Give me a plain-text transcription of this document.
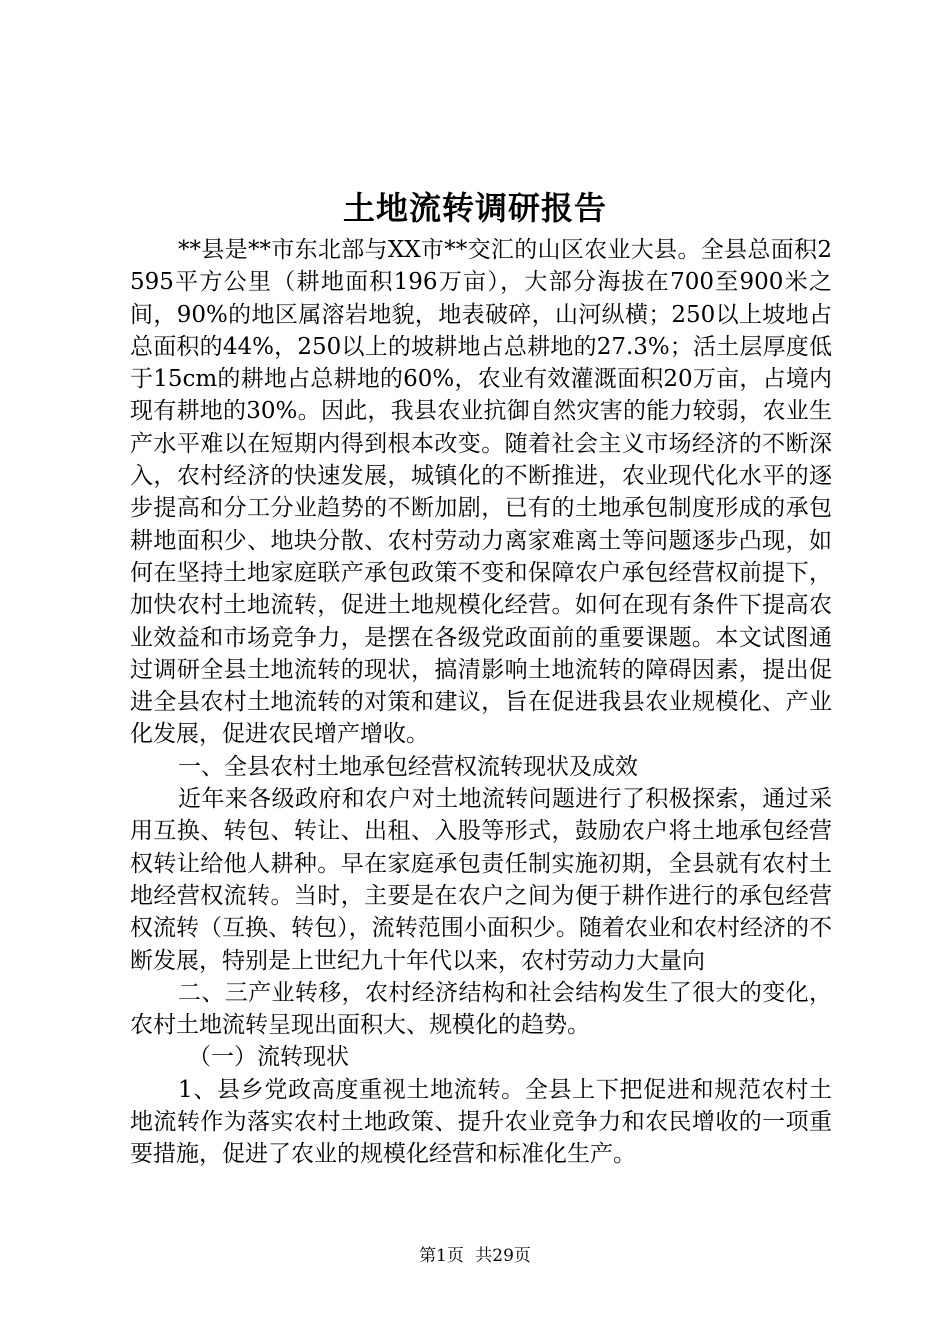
土地流转调研报告

**县是**市东北部与XX市**交汇的山区农业大县。全县总面积2595平方公里（耕地面积196万亩），大部分海拔在700至900米之间，90%的地区属溶岩地貌，地表破碎，山河纵横；250以上坡地占总面积的44%，250以上的坡耕地占总耕地的27.3%；活土层厚度低于15cm的耕地占总耕地的60%，农业有效灌溉面积20万亩，占境内现有耕地的30%。因此，我县农业抗御自然灾害的能力较弱，农业生产水平难以在短期内得到根本改变。随着社会主义市场经济的不断深入，农村经济的快速发展，城镇化的不断推进，农业现代化水平的逐步提高和分工分业趋势的不断加剧，已有的土地承包制度形成的承包耕地面积少、地块分散、农村劳动力离家难离土等问题逐步凸现，如何在坚持土地家庭联产承包政策不变和保障农户承包经营权前提下，加快农村土地流转，促进土地规模化经营。如何在现有条件下提高农业效益和市场竞争力，是摆在各级党政面前的重要课题。本文试图通过调研全县土地流转的现状，搞清影响土地流转的障碍因素，提出促进全县农村土地流转的对策和建议，旨在促进我县农业规模化、产业化发展，促进农民增产增收。

一、全县农村土地承包经营权流转现状及成效

近年来各级政府和农户对土地流转问题进行了积极探索，通过采用互换、转包、转让、出租、入股等形式，鼓励农户将土地承包经营权转让给他人耕种。早在家庭承包责任制实施初期，全县就有农村土地经营权流转。当时，主要是在农户之间为便于耕作进行的承包经营权流转（互换、转包），流转范围小面积少。随着农业和农村经济的不断发展，特别是上世纪九十年代以来，农村劳动力大量向

二、三产业转移，农村经济结构和社会结构发生了很大的变化，农村土地流转呈现出面积大、规模化的趋势。

（一）流转现状

1、县乡党政高度重视土地流转。全县上下把促进和规范农村土地流转作为落实农村土地政策、提升农业竞争力和农民增收的一项重要措施，促进了农业的规模化经营和标准化生产。

第1页 共29页
